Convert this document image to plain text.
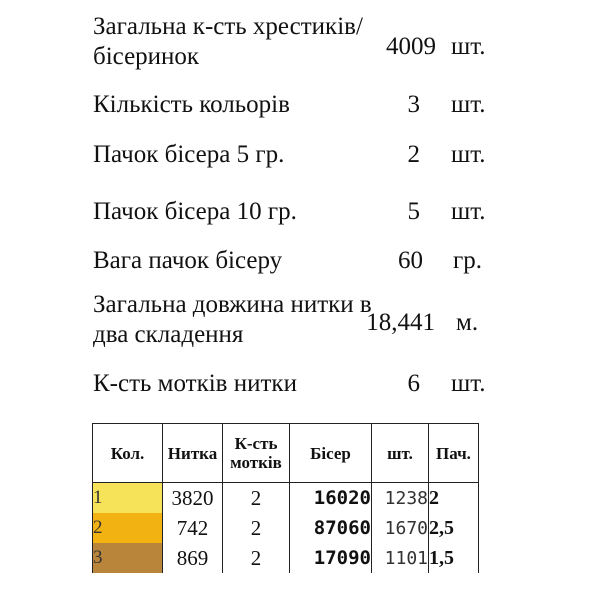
Загальна к-сть хрестиків/бісеринок	4009 шт.
Кількість кольорів	3 шт.
Пачок бісера 5 гр.	2 шт.
Пачок бісера 10 гр.	5 шт.
Вага пачок бісеру	60 гр.
Загальна довжина нитки в два складення	18,441 м.
К-сть мотків нитки	6 шт.
Кол.	Нитка	К-сть мотків	Бісер	шт.	Пач.
1	3820	2	16020	1238	2
2	742	2	87060	1670	2,5
3	869	2	17090	1101	1,5
